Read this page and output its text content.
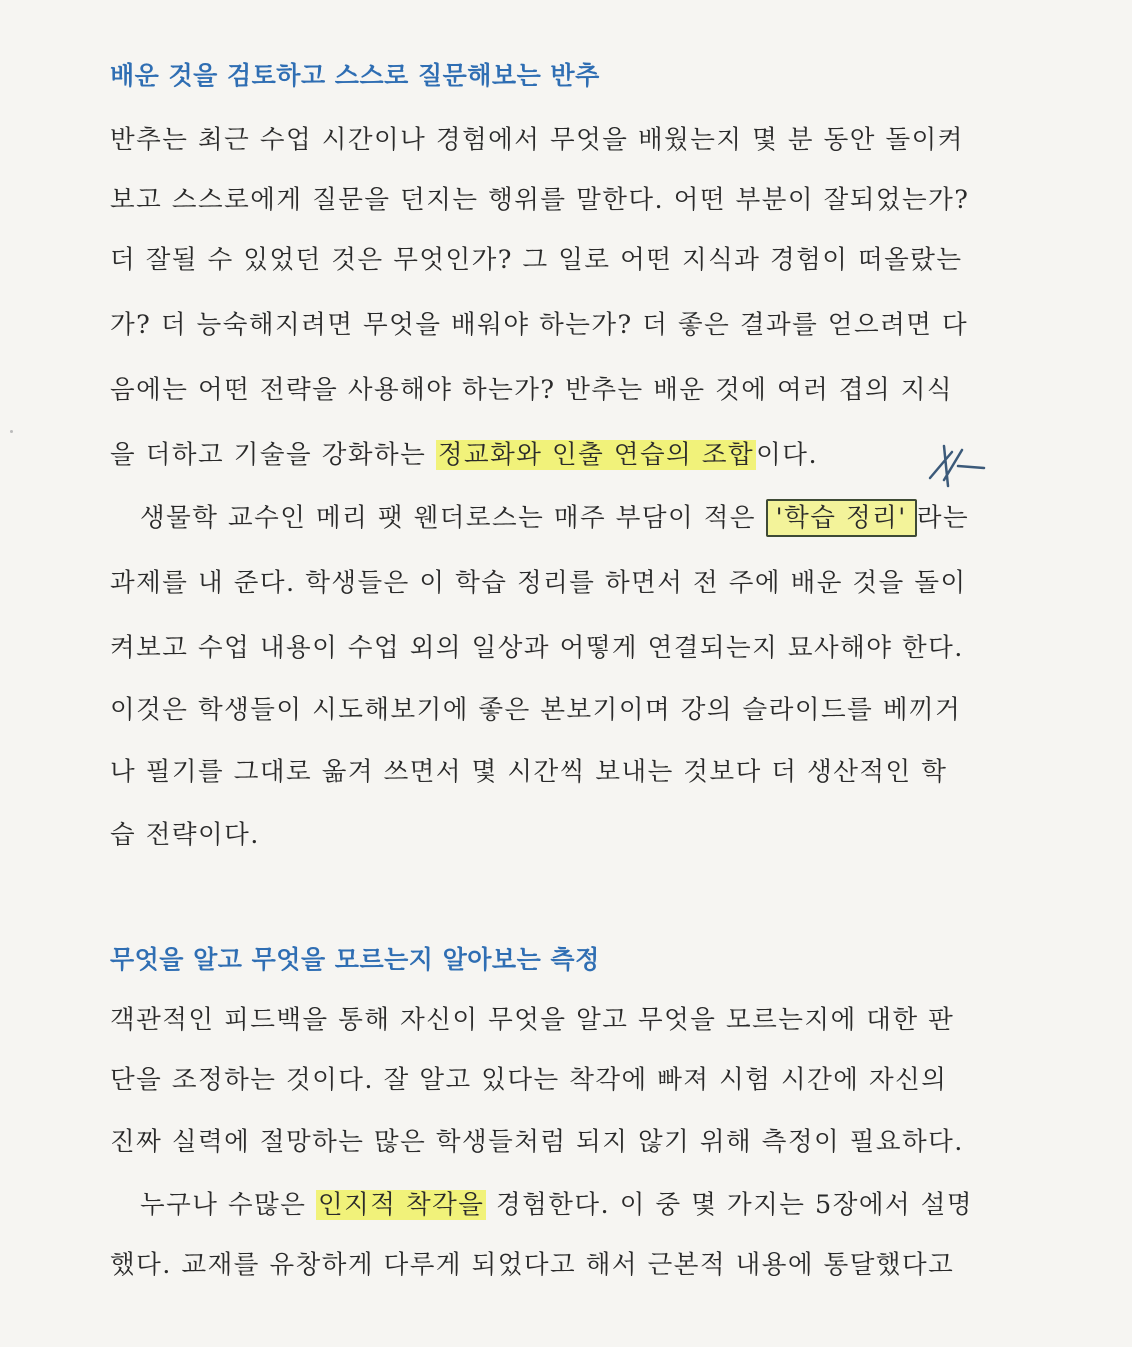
배운 것을 검토하고 스스로 질문해보는 반추
반추는 최근 수업 시간이나 경험에서 무엇을 배웠는지 몇 분 동안 돌이켜
보고 스스로에게 질문을 던지는 행위를 말한다. 어떤 부분이 잘되었는가?
더 잘될 수 있었던 것은 무엇인가? 그 일로 어떤 지식과 경험이 떠올랐는
가? 더 능숙해지려면 무엇을 배워야 하는가? 더 좋은 결과를 얻으려면 다
음에는 어떤 전략을 사용해야 하는가? 반추는 배운 것에 여러 겹의 지식
을 더하고 기술을 강화하는 정교화와 인출 연습의 조합이다.
생물학 교수인 메리 팻 웬더로스는 매주 부담이 적은 '학습 정리' 라는
과제를 내 준다. 학생들은 이 학습 정리를 하면서 전 주에 배운 것을 돌이
켜보고 수업 내용이 수업 외의 일상과 어떻게 연결되는지 묘사해야 한다.
이것은 학생들이 시도해보기에 좋은 본보기이며 강의 슬라이드를 베끼거
나 필기를 그대로 옮겨 쓰면서 몇 시간씩 보내는 것보다 더 생산적인 학
습 전략이다.
무엇을 알고 무엇을 모르는지 알아보는 측정
객관적인 피드백을 통해 자신이 무엇을 알고 무엇을 모르는지에 대한 판
단을 조정하는 것이다. 잘 알고 있다는 착각에 빠져 시험 시간에 자신의
진짜 실력에 절망하는 많은 학생들처럼 되지 않기 위해 측정이 필요하다.
누구나 수많은 인지적 착각을 경험한다. 이 중 몇 가지는 5장에서 설명
했다. 교재를 유창하게 다루게 되었다고 해서 근본적 내용에 통달했다고
